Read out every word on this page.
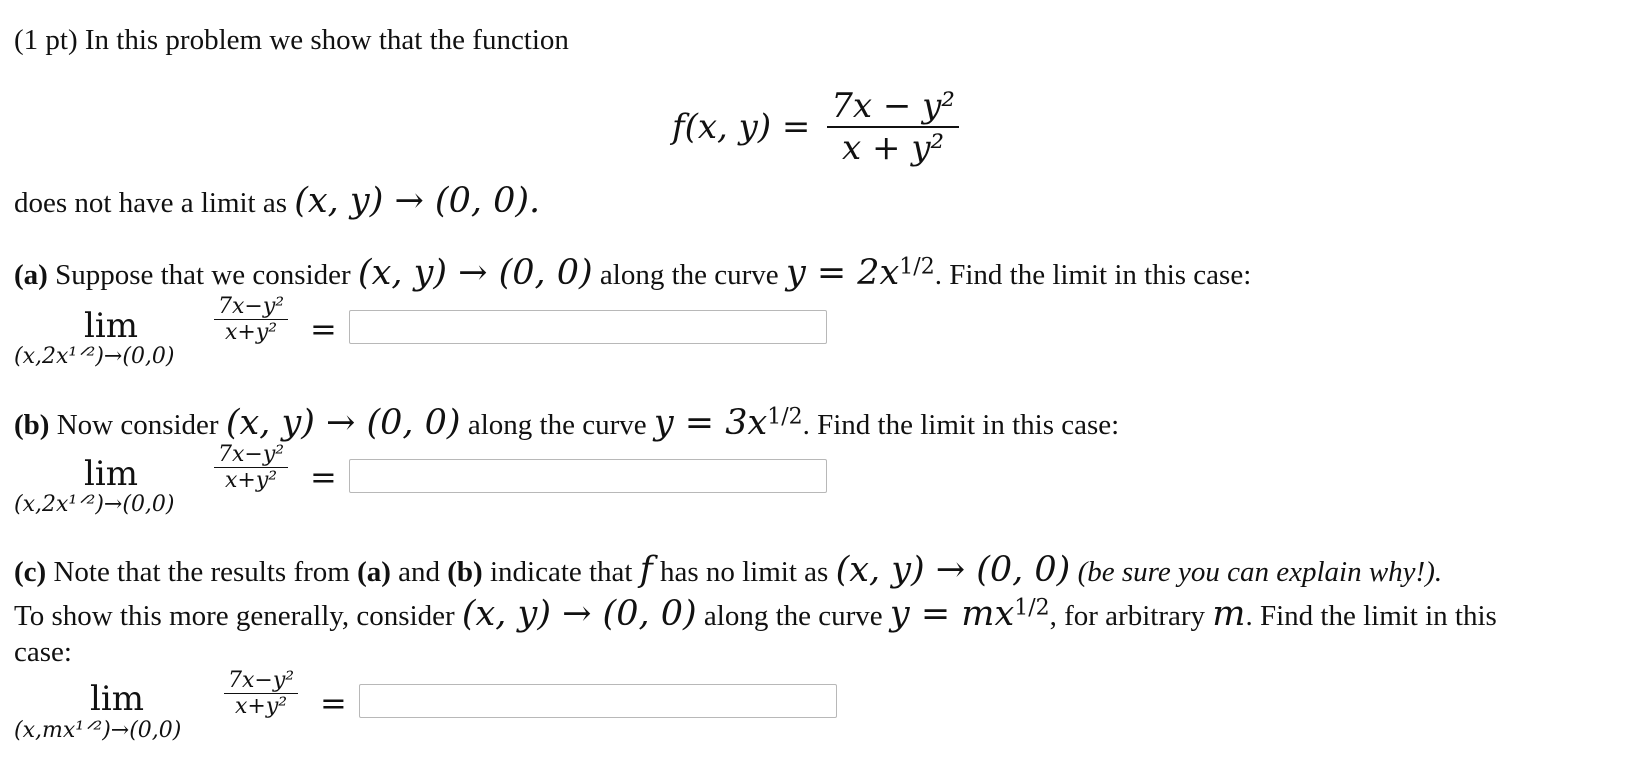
(1 pt) In this problem we show that the function
f(x, $y) = \frac{\text{7x − y²}}{\text{x + y²}}$
does not have a limit as (x, y) → (0, 0).
(a) Suppose that we consider (x, y) → (0, 0) along the curve $y = 2x^{1/2}$. Find the limit in this case:
lim
(x,2x¹ᐟ²)→(0,0)
$\frac{\text{7x−y²}}{\text{x+y²}}$ =
(b) Now consider (x, y) → (0, 0) along the curve $y = 3x^{1/2}$. Find the limit in this case:
lim
(x,2x¹ᐟ²)→(0,0)
$\frac{\text{7x−y²}}{\text{x+y²}}$ =
(c) Note that the results from (a) and (b) indicate that f has no limit as (x, y) → (0, 0) (be sure you can explain why!).
To show this more generally, consider (x, y) → (0, 0) along the curve $y = mx^{1/2}$, for arbitrary m. Find the limit in this
case:
lim
(x,mx¹ᐟ²)→(0,0)
$\frac{\text{7x−y²}}{\text{x+y²}}$ =
